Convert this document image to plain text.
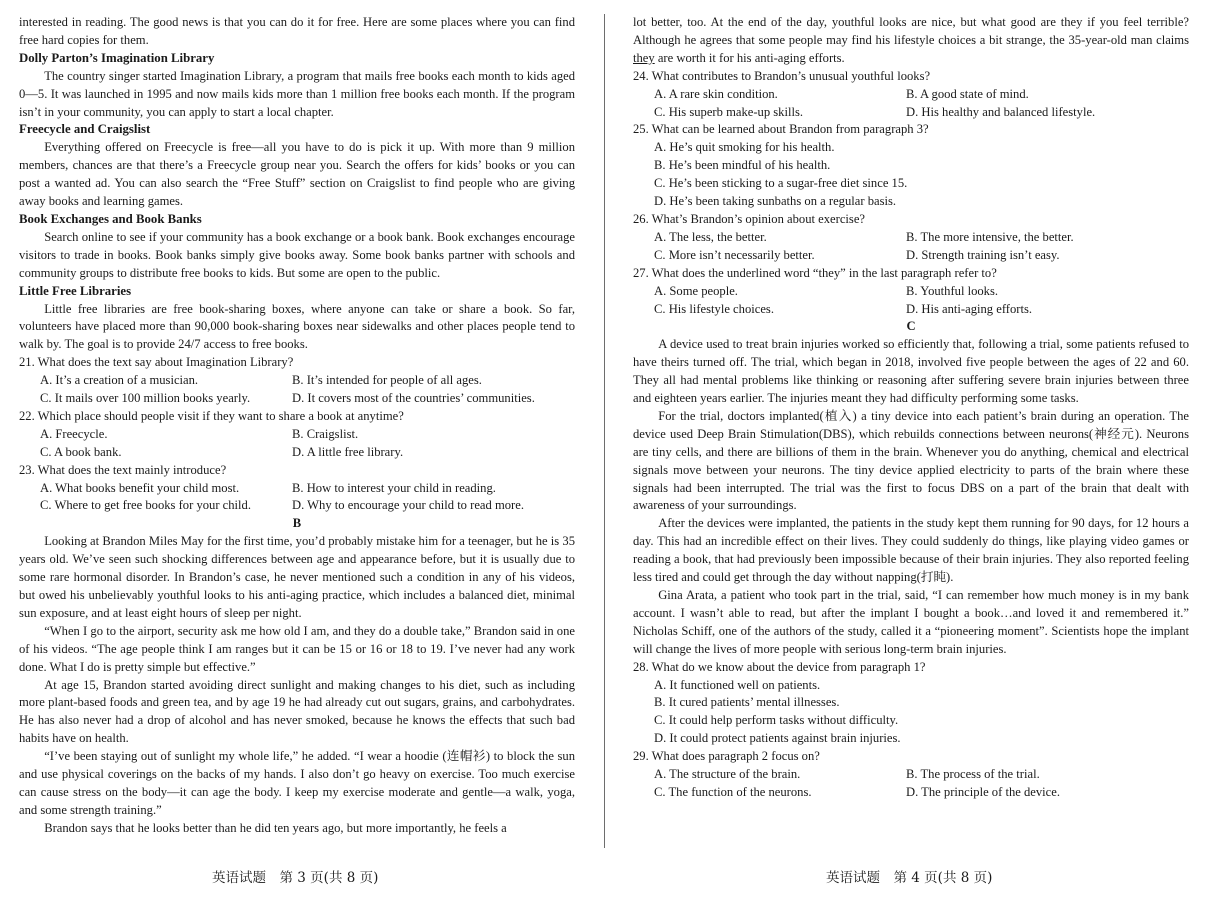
interested in reading. The good news is that you can do it for free. Here are some places where you can find free hard copies for them.

Dolly Parton’s Imagination Library

The country singer started Imagination Library, a program that mails free books each month to kids aged 0—5. It was launched in 1995 and now mails kids more than 1 million free books each month. If the program isn’t in your community, you can apply to start a local chapter.

Freecycle and Craigslist

Everything offered on Freecycle is free—all you have to do is pick it up. With more than 9 million members, chances are that there’s a Freecycle group near you. Search the offers for kids’ books or you can post a wanted ad. You can also search the “Free Stuff” section on Craigslist to find people who are giving away books and learning games.

Book Exchanges and Book Banks

Search online to see if your community has a book exchange or a book bank. Book exchanges encourage visitors to trade in books. Book banks simply give books away. Some book banks partner with schools and community groups to distribute free books to kids. But some are open to the public.

Little Free Libraries

Little free libraries are free book-sharing boxes, where anyone can take or share a book. So far, volunteers have placed more than 90,000 book-sharing boxes near sidewalks and other places people tend to walk by. The goal is to provide 24/7 access to free books.

21. What does the text say about Imagination Library?

A. It’s a creation of a musician.	B. It’s intended for people of all ages.
C. It mails over 100 million books yearly.	D. It covers most of the countries’ communities.

22. Which place should people visit if they want to share a book at anytime?

A. Freecycle.	B. Craigslist.
C. A book bank.	D. A little free library.

23. What does the text mainly introduce?

A. What books benefit your child most.	B. How to interest your child in reading.
C. Where to get free books for your child.	D. Why to encourage your child to read more.

B

Looking at Brandon Miles May for the first time, you’d probably mistake him for a teenager, but he is 35 years old. We’ve seen such shocking differences between age and appearance before, but it is usually due to some rare hormonal disorder. In Brandon’s case, he never mentioned such a condition in any of his videos, but owed his unbelievably youthful looks to his anti-aging practice, which includes a balanced diet, minimal sun exposure, and at least eight hours of sleep per night.

“When I go to the airport, security ask me how old I am, and they do a double take,” Brandon said in one of his videos. “The age people think I am ranges but it can be 15 or 16 or 18 to 19. I’ve never had any work done. What I do is pretty simple but effective.”

At age 15, Brandon started avoiding direct sunlight and making changes to his diet, such as including more plant-based foods and green tea, and by age 19 he had already cut out sugars, grains, and carbohydrates. He has also never had a drop of alcohol and has never smoked, because he knows the effects that such bad habits have on health.

“I’ve been staying out of sunlight my whole life,” he added. “I wear a hoodie (连帽衫) to block the sun and use physical coverings on the backs of my hands. I also don’t go heavy on exercise. Too much exercise can cause stress on the body—it can age the body. I keep my exercise moderate and gentle—a walk, yoga, and some strength training.”

Brandon says that he looks better than he did ten years ago, but more importantly, he feels a

lot better, too. At the end of the day, youthful looks are nice, but what good are they if you feel terrible? Although he agrees that some people may find his lifestyle choices a bit strange, the 35-year-old man claims they are worth it for his anti-aging efforts.

24. What contributes to Brandon’s unusual youthful looks?

A. A rare skin condition.	B. A good state of mind.
C. His superb make-up skills.	D. His healthy and balanced lifestyle.

25. What can be learned about Brandon from paragraph 3?

A. He’s quit smoking for his health.
B. He’s been mindful of his health.
C. He’s been sticking to a sugar-free diet since 15.
D. He’s been taking sunbaths on a regular basis.

26. What’s Brandon’s opinion about exercise?

A. The less, the better.	B. The more intensive, the better.
C. More isn’t necessarily better.	D. Strength training isn’t easy.

27. What does the underlined word “they” in the last paragraph refer to?

A. Some people.	B. Youthful looks.
C. His lifestyle choices.	D. His anti-aging efforts.

C

A device used to treat brain injuries worked so efficiently that, following a trial, some patients refused to have theirs turned off. The trial, which began in 2018, involved five people between the ages of 22 and 60. They all had mental problems like thinking or reasoning after suffering severe brain injuries between three and eighteen years earlier. The injuries meant they had difficulty performing some tasks.

For the trial, doctors implanted(植入) a tiny device into each patient’s brain during an operation. The device used Deep Brain Stimulation(DBS), which rebuilds connections between neurons(神经元). Neurons are tiny cells, and there are billions of them in the brain. Whenever you do anything, chemical and electrical signals move between your neurons. The tiny device applied electricity to parts of the brain where these signals had been interrupted. The trial was the first to focus DBS on a part of the brain that dealt with awareness of your surroundings.

After the devices were implanted, the patients in the study kept them running for 90 days, for 12 hours a day. This had an incredible effect on their lives. They could suddenly do things, like playing video games or reading a book, that had previously been impossible because of their brain injuries. They also reported feeling less tired and could get through the day without napping(打盹).

Gina Arata, a patient who took part in the trial, said, “I can remember how much money is in my bank account. I wasn’t able to read, but after the implant I bought a book…and loved it and remembered it.” Nicholas Schiff, one of the authors of the study, called it a “pioneering moment”. Scientists hope the implant will change the lives of more people with serious long-term brain injuries.

28. What do we know about the device from paragraph 1?

A. It functioned well on patients.
B. It cured patients’ mental illnesses.
C. It could help perform tasks without difficulty.
D. It could protect patients against brain injuries.

29. What does paragraph 2 focus on?

A. The structure of the brain.	B. The process of the trial.
C. The function of the neurons.	D. The principle of the device.
英语试题　第 3 页(共 8 页)	英语试题　第 4 页(共 8 页)
